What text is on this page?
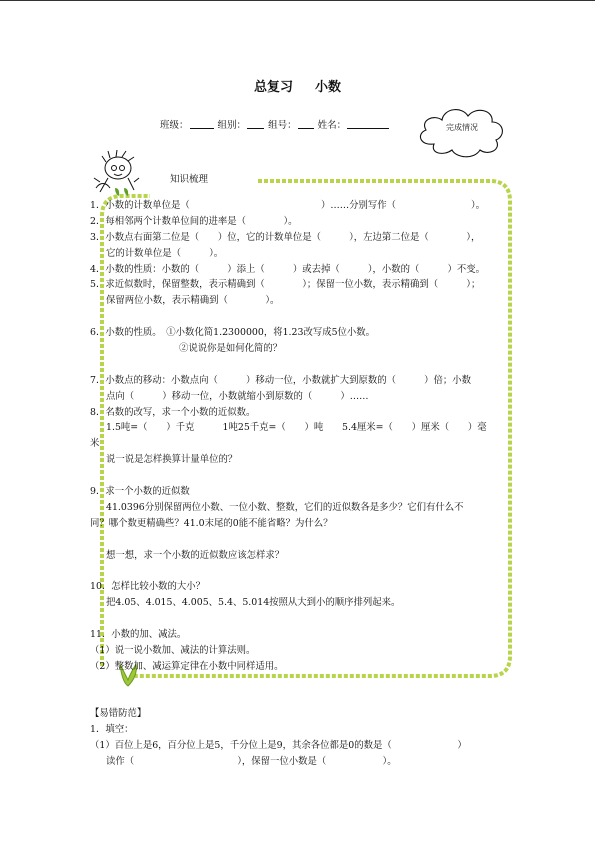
总复习 小数
班级：	组别： 组号： 姓名：	完成情况
知识梳理
1．小数的计数单位是（　　　　　　　　　　　　　　）……分别写作（　　　　　　　　）。
2．每相邻两个计数单位间的进率是（　　　　）。
3．小数点右面第二位是（　　）位，它的计数单位是（　　　），左边第二位是（　　　　），
它的计数单位是（　　　）。
4．小数的性质：小数的（　　　）添上（　　　）或去掉（　　　），小数的（　　　）不变。
5．求近似数时，保留整数，表示精确到（　　　　）；保留一位小数，表示精确到（　　　）；
保留两位小数，表示精确到（　　　　）。
6．小数的性质。　①小数化简1.2300000，将1.23改写成5位小数。
②说说你是如何化简的？
7．小数点的移动：小数点向（　　　）移动一位，小数就扩大到原数的（　　　）倍；小数
点向（　　　）移动一位，小数就缩小到原数的（　　　）……
8．名数的改写，求一个小数的近似数。
1.5吨=（　　）千克　　　1吨25千克=（　　）吨　　5.4厘米=（　　）厘米（　　）毫
米
说一说是怎样换算计量单位的？
9．求一个小数的近似数
41.0396分别保留两位小数、一位小数、整数，它们的近似数各是多少？它们有什么不
同？哪个数更精确些？41.0末尾的0能不能省略？为什么？
想一想，求一个小数的近似数应该怎样求？
10．怎样比较小数的大小？
把4.05、4.015、4.005、5.4、5.014按照从大到小的顺序排列起来。
11．小数的加、减法。
（1）说一说小数加、减法的计算法则。
（2）整数加、减运算定律在小数中同样适用。
【易错防范】
1．填空：
（1）百位上是6，百分位上是5，千分位上是9，其余各位都是0的数是（　　　　　　　）
读作（　　　　　　　　　　　），保留一位小数是（　　　　　　）。
